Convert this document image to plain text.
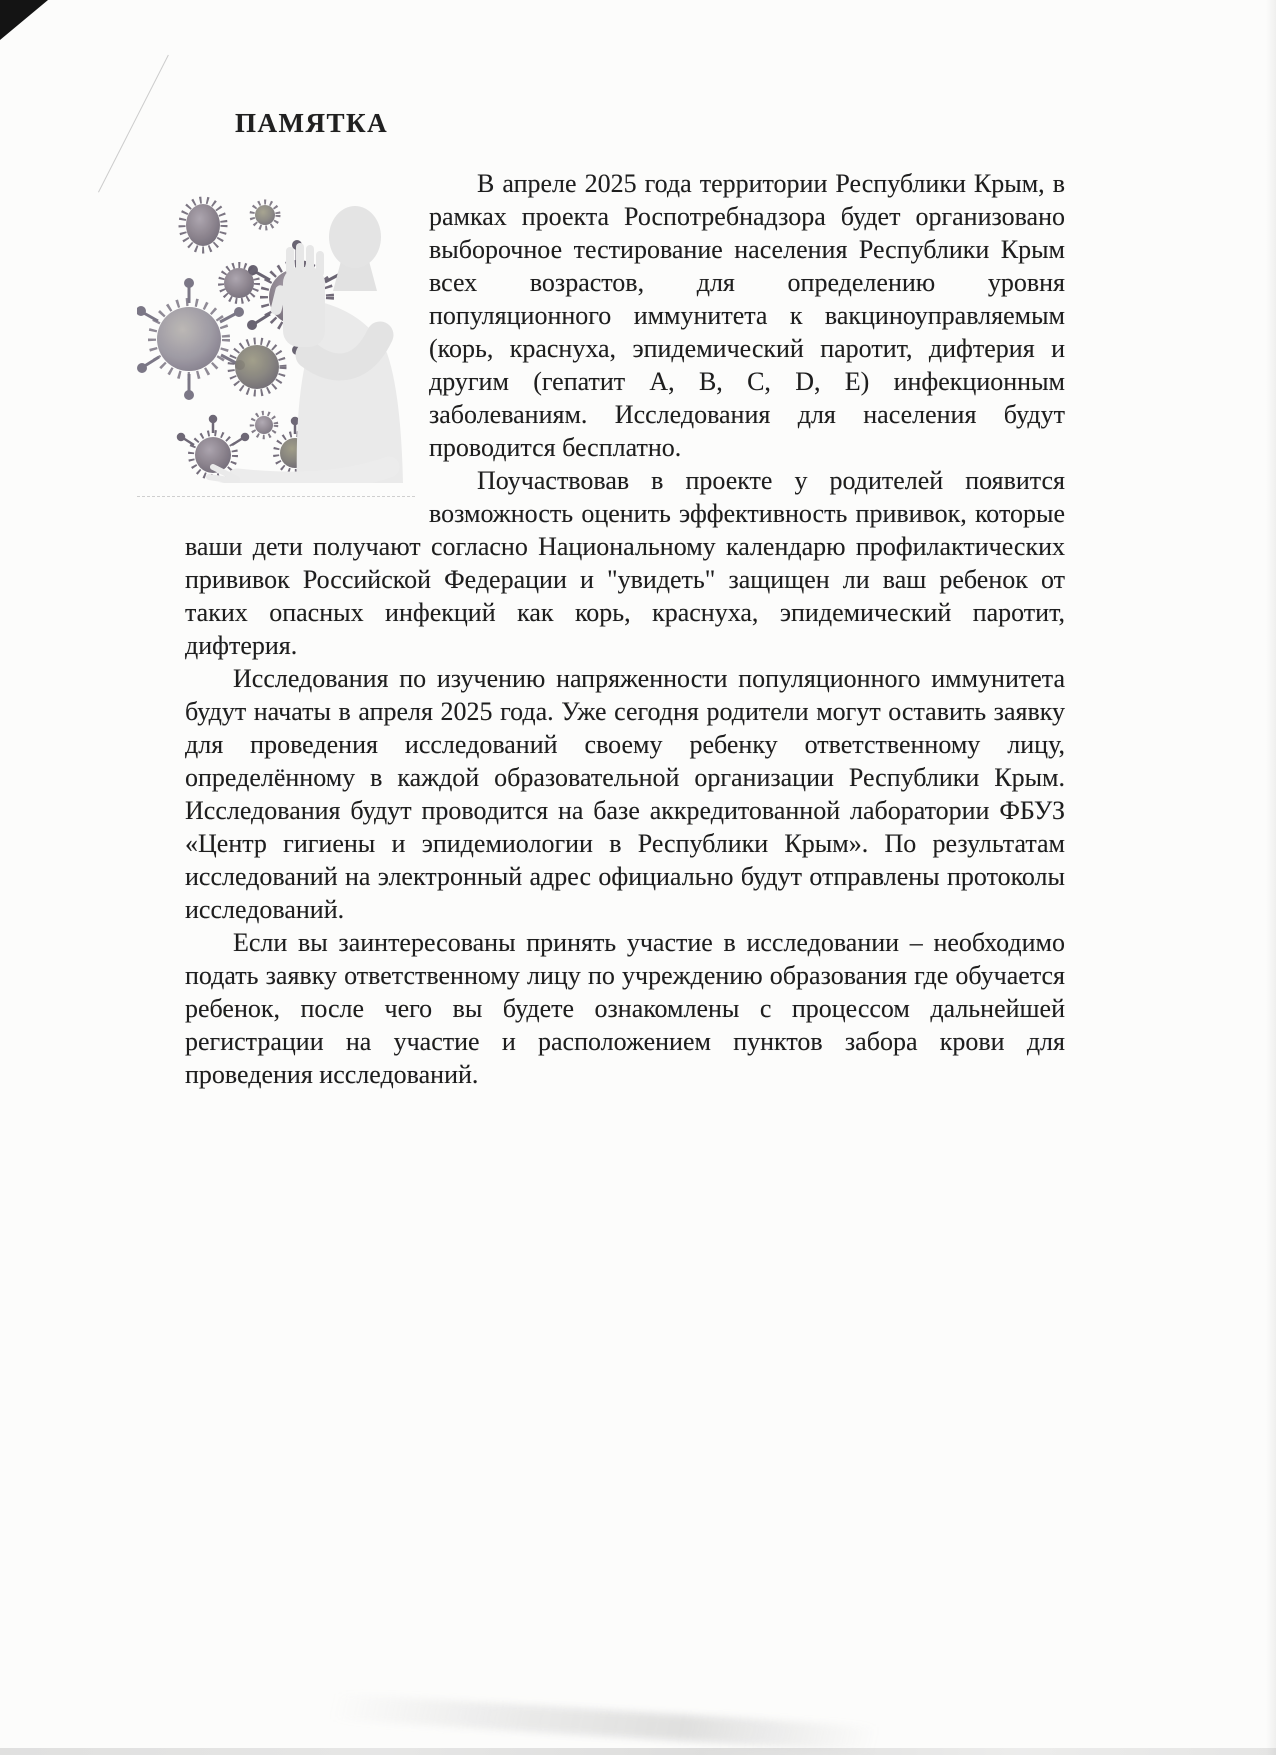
ПАМЯТКА

В апреле 2025 года территории Республики Крым, в рамках проекта Роспотребнадзора будет организовано выборочное тестирование населения Республики Крым всех возрастов, для определению уровня популяционного иммунитета к вакциноуправляемым (корь, краснуха, эпидемический паротит, дифтерия и другим (гепатит А, В, С, D, Е) инфекционным заболеваниям. Исследования для населения будут проводится бесплатно.

Поучаствовав в проекте у родителей появится возможность оценить эффективность прививок, которые ваши дети получают согласно Национальному календарю профилактических прививок Российской Федерации и "увидеть" защищен ли ваш ребенок от таких опасных инфекций как корь, краснуха, эпидемический паротит, дифтерия.

Исследования по изучению напряженности популяционного иммунитета будут начаты в апреля 2025 года. Уже сегодня родители могут оставить заявку для проведения исследований своему ребенку ответственному лицу, определённому в каждой образовательной организации Республики Крым. Исследования будут проводится на базе аккредитованной лаборатории ФБУЗ «Центр гигиены и эпидемиологии в Республики Крым». По результатам исследований на электронный адрес официально будут отправлены протоколы исследований.

Если вы заинтересованы принять участие в исследовании – необходимо подать заявку ответственному лицу по учреждению образования где обучается ребенок, после чего вы будете ознакомлены с процессом дальнейшей регистрации на участие и расположением пунктов забора крови для проведения исследований.
